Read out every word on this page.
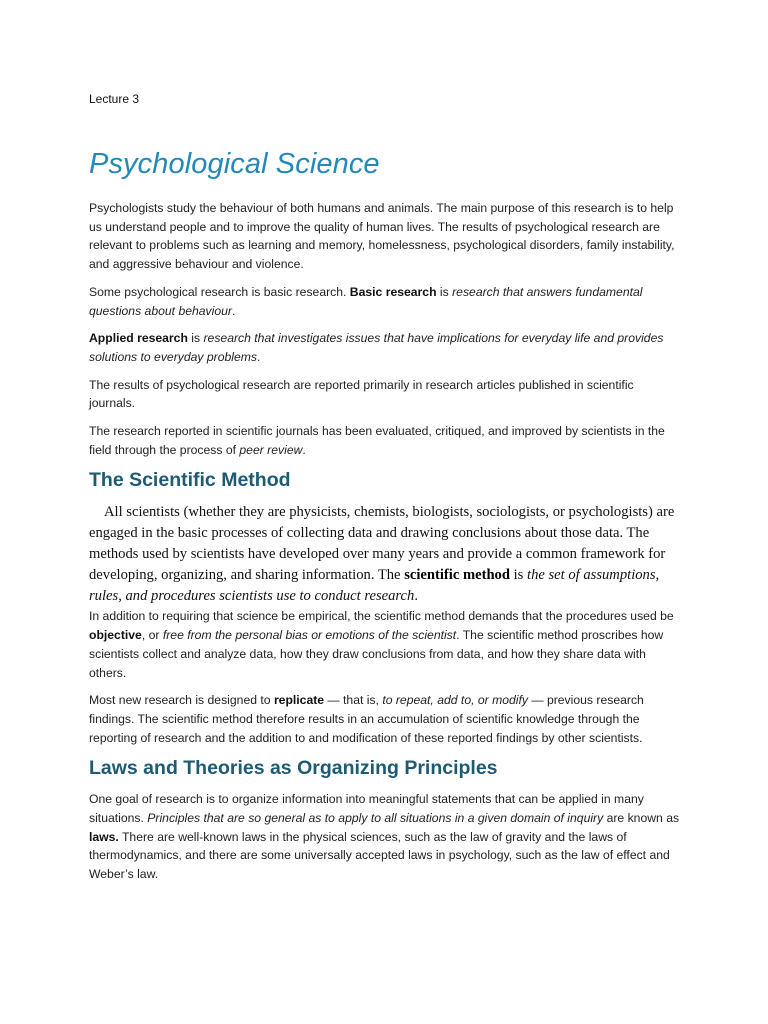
Lecture 3
Psychological Science

Psychologists study the behaviour of both humans and animals. The main purpose of this research is to help us understand people and to improve the quality of human lives. The results of psychological research are relevant to problems such as learning and memory, homelessness, psychological disorders, family instability, and aggressive behaviour and violence.

Some psychological research is basic research. Basic research is research that answers fundamental questions about behaviour.

Applied research is research that investigates issues that have implications for everyday life and provides solutions to everyday problems.

The results of psychological research are reported primarily in research articles published in scientific journals.

The research reported in scientific journals has been evaluated, critiqued, and improved by scientists in the field through the process of peer review.

The Scientific Method

All scientists (whether they are physicists, chemists, biologists, sociologists, or psychologists) are engaged in the basic processes of collecting data and drawing conclusions about those data. The methods used by scientists have developed over many years and provide a common framework for developing, organizing, and sharing information. The scientific method is the set of assumptions, rules, and procedures scientists use to conduct research.

In addition to requiring that science be empirical, the scientific method demands that the procedures used be objective, or free from the personal bias or emotions of the scientist. The scientific method proscribes how scientists collect and analyze data, how they draw conclusions from data, and how they share data with others.

Most new research is designed to replicate — that is, to repeat, add to, or modify — previous research findings. The scientific method therefore results in an accumulation of scientific knowledge through the reporting of research and the addition to and modification of these reported findings by other scientists.

Laws and Theories as Organizing Principles

One goal of research is to organize information into meaningful statements that can be applied in many situations. Principles that are so general as to apply to all situations in a given domain of inquiry are known as laws. There are well-known laws in the physical sciences, such as the law of gravity and the laws of thermodynamics, and there are some universally accepted laws in psychology, such as the law of effect and Weber’s law.
